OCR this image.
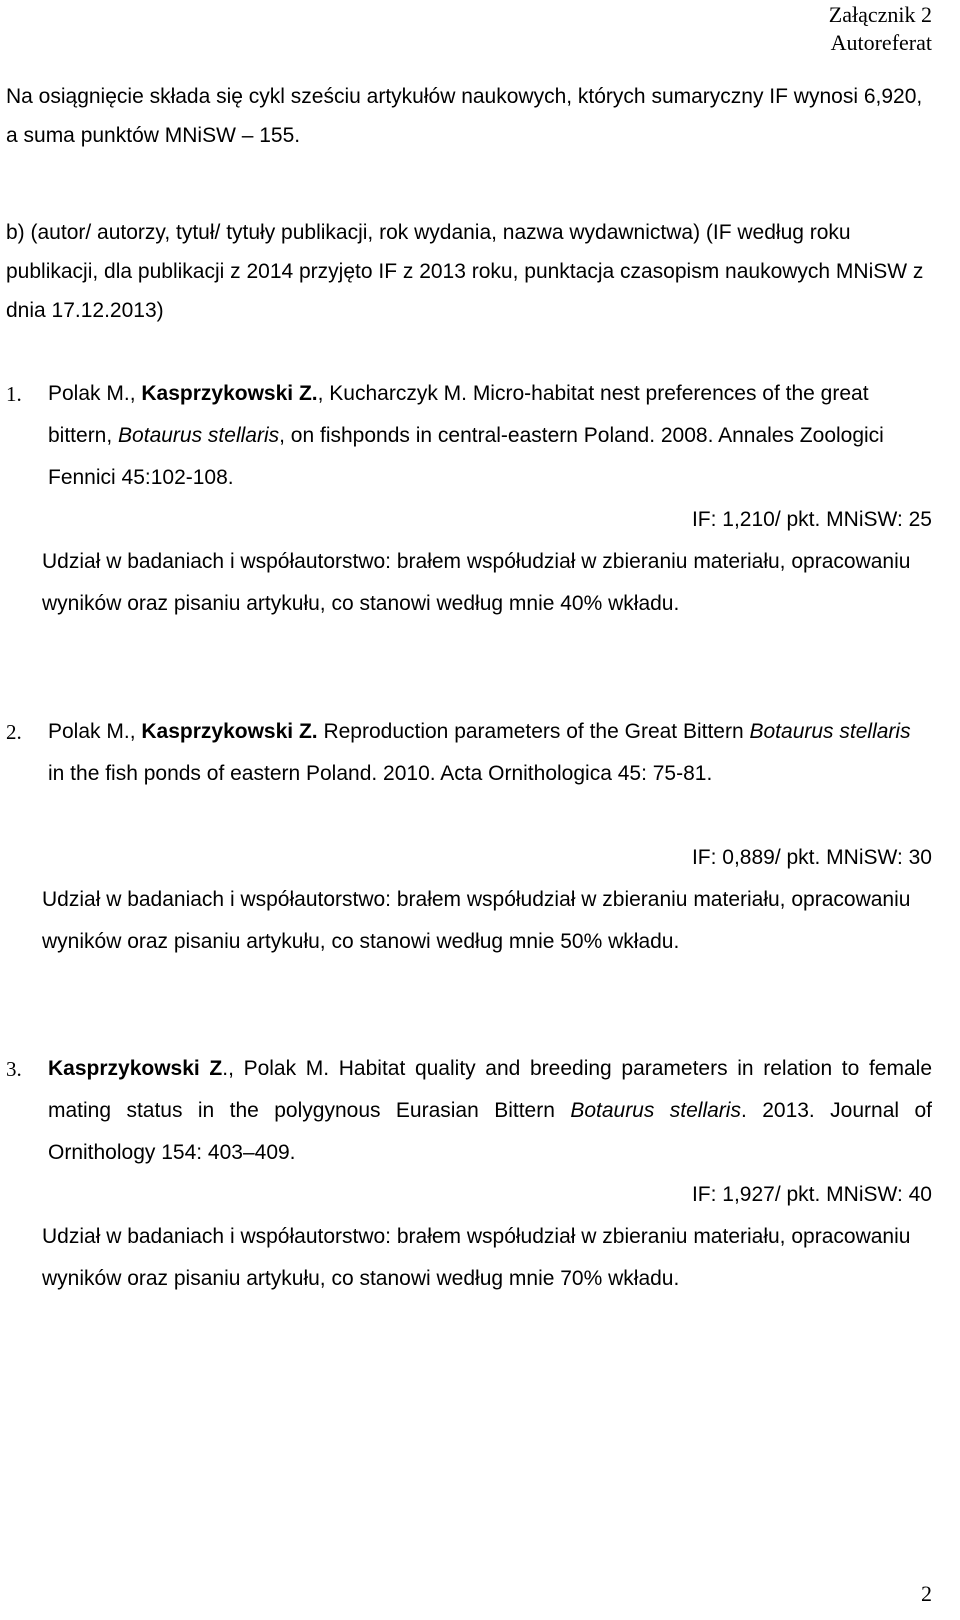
Załącznik 2
Autoreferat

Na osiągnięcie składa się cykl sześciu artykułów naukowych, których sumaryczny IF wynosi 6,920, a suma punktów MNiSW – 155.

b) (autor/ autorzy, tytuł/ tytuły publikacji, rok wydania, nazwa wydawnictwa) (IF według roku publikacji, dla publikacji z 2014 przyjęto IF z 2013 roku, punktacja czasopism naukowych MNiSW z dnia 17.12.2013)

1. Polak M., Kasprzykowski Z., Kucharczyk M. Micro-habitat nest preferences of the great bittern, Botaurus stellaris, on fishponds in central-eastern Poland. 2008. Annales Zoologici Fennici 45:102-108.
IF: 1,210/ pkt. MNiSW: 25
Udział w badaniach i współautorstwo: brałem współudział w zbieraniu materiału, opracowaniu wyników oraz pisaniu artykułu, co stanowi według mnie 40% wkładu.
2. Polak M., Kasprzykowski Z. Reproduction parameters of the Great Bittern Botaurus stellaris in the fish ponds of eastern Poland. 2010. Acta Ornithologica 45: 75-81.
IF: 0,889/ pkt. MNiSW: 30
Udział w badaniach i współautorstwo: brałem współudział w zbieraniu materiału, opracowaniu wyników oraz pisaniu artykułu, co stanowi według mnie 50% wkładu.
3. Kasprzykowski Z., Polak M. Habitat quality and breeding parameters in relation to female mating status in the polygynous Eurasian Bittern Botaurus stellaris. 2013. Journal of Ornithology 154: 403–409.
IF: 1,927/ pkt. MNiSW: 40
Udział w badaniach i współautorstwo: brałem współudział w zbieraniu materiału, opracowaniu wyników oraz pisaniu artykułu, co stanowi według mnie 70% wkładu.
2
